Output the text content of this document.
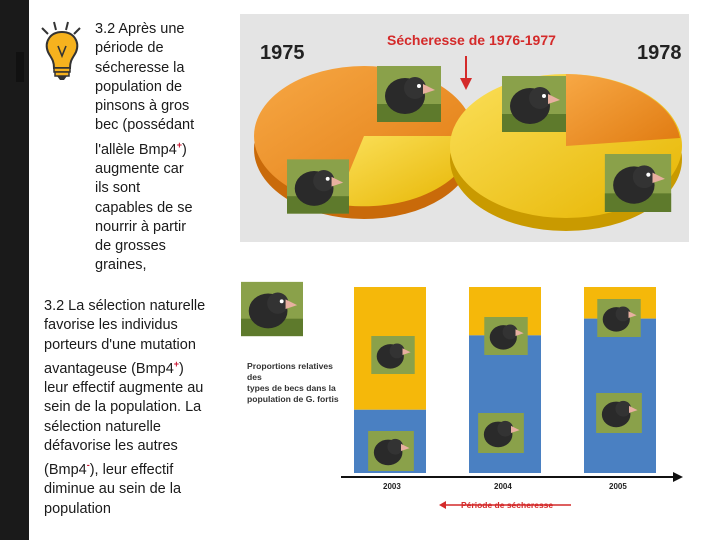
3.2 Après une
période de
sécheresse la
population de
pinsons à gros
bec (possédant
l'allèle Bmp4+)
augmente car
ils sont
capables de se
nourrir à partir
de grosses
graines,
3.2 La sélection naturelle
favorise les individus
porteurs d'une mutation
avantageuse (Bmp4+)
leur effectif augmente au
sein de la population. La
sélection naturelle
défavorise les autres
(Bmp4-), leur effectif
diminue au sein de la
population
1975
Sécheresse de 1976-1977
1978
Proportions relatives des
types de becs dans la
population de G. fortis
2003	2004	2005
Période de sécheresse
